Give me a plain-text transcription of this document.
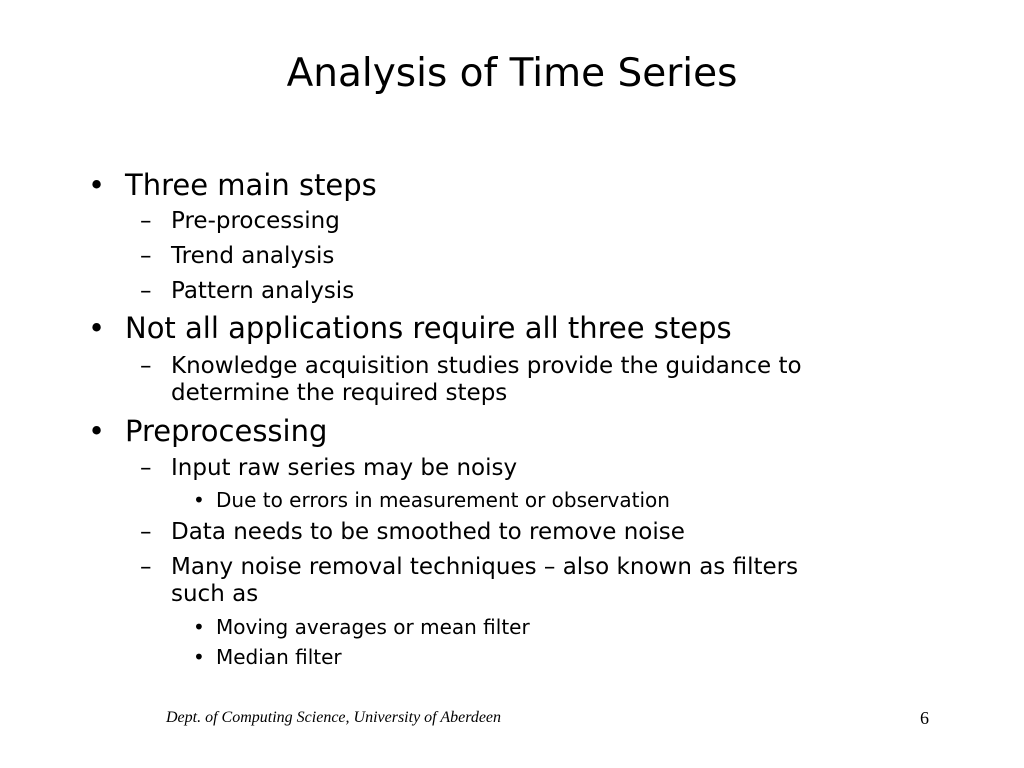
Analysis of Time Series
• Three main steps
– Pre-processing
– Trend analysis
– Pattern analysis
• Not all applications require all three steps
– Knowledge acquisition studies provide the guidance to
determine the required steps
• Preprocessing
– Input raw series may be noisy
• Due to errors in measurement or observation
– Data needs to be smoothed to remove noise
– Many noise removal techniques – also known as filters
such as
• Moving averages or mean filter
• Median filter
Dept. of Computing Science, University of Aberdeen	6
